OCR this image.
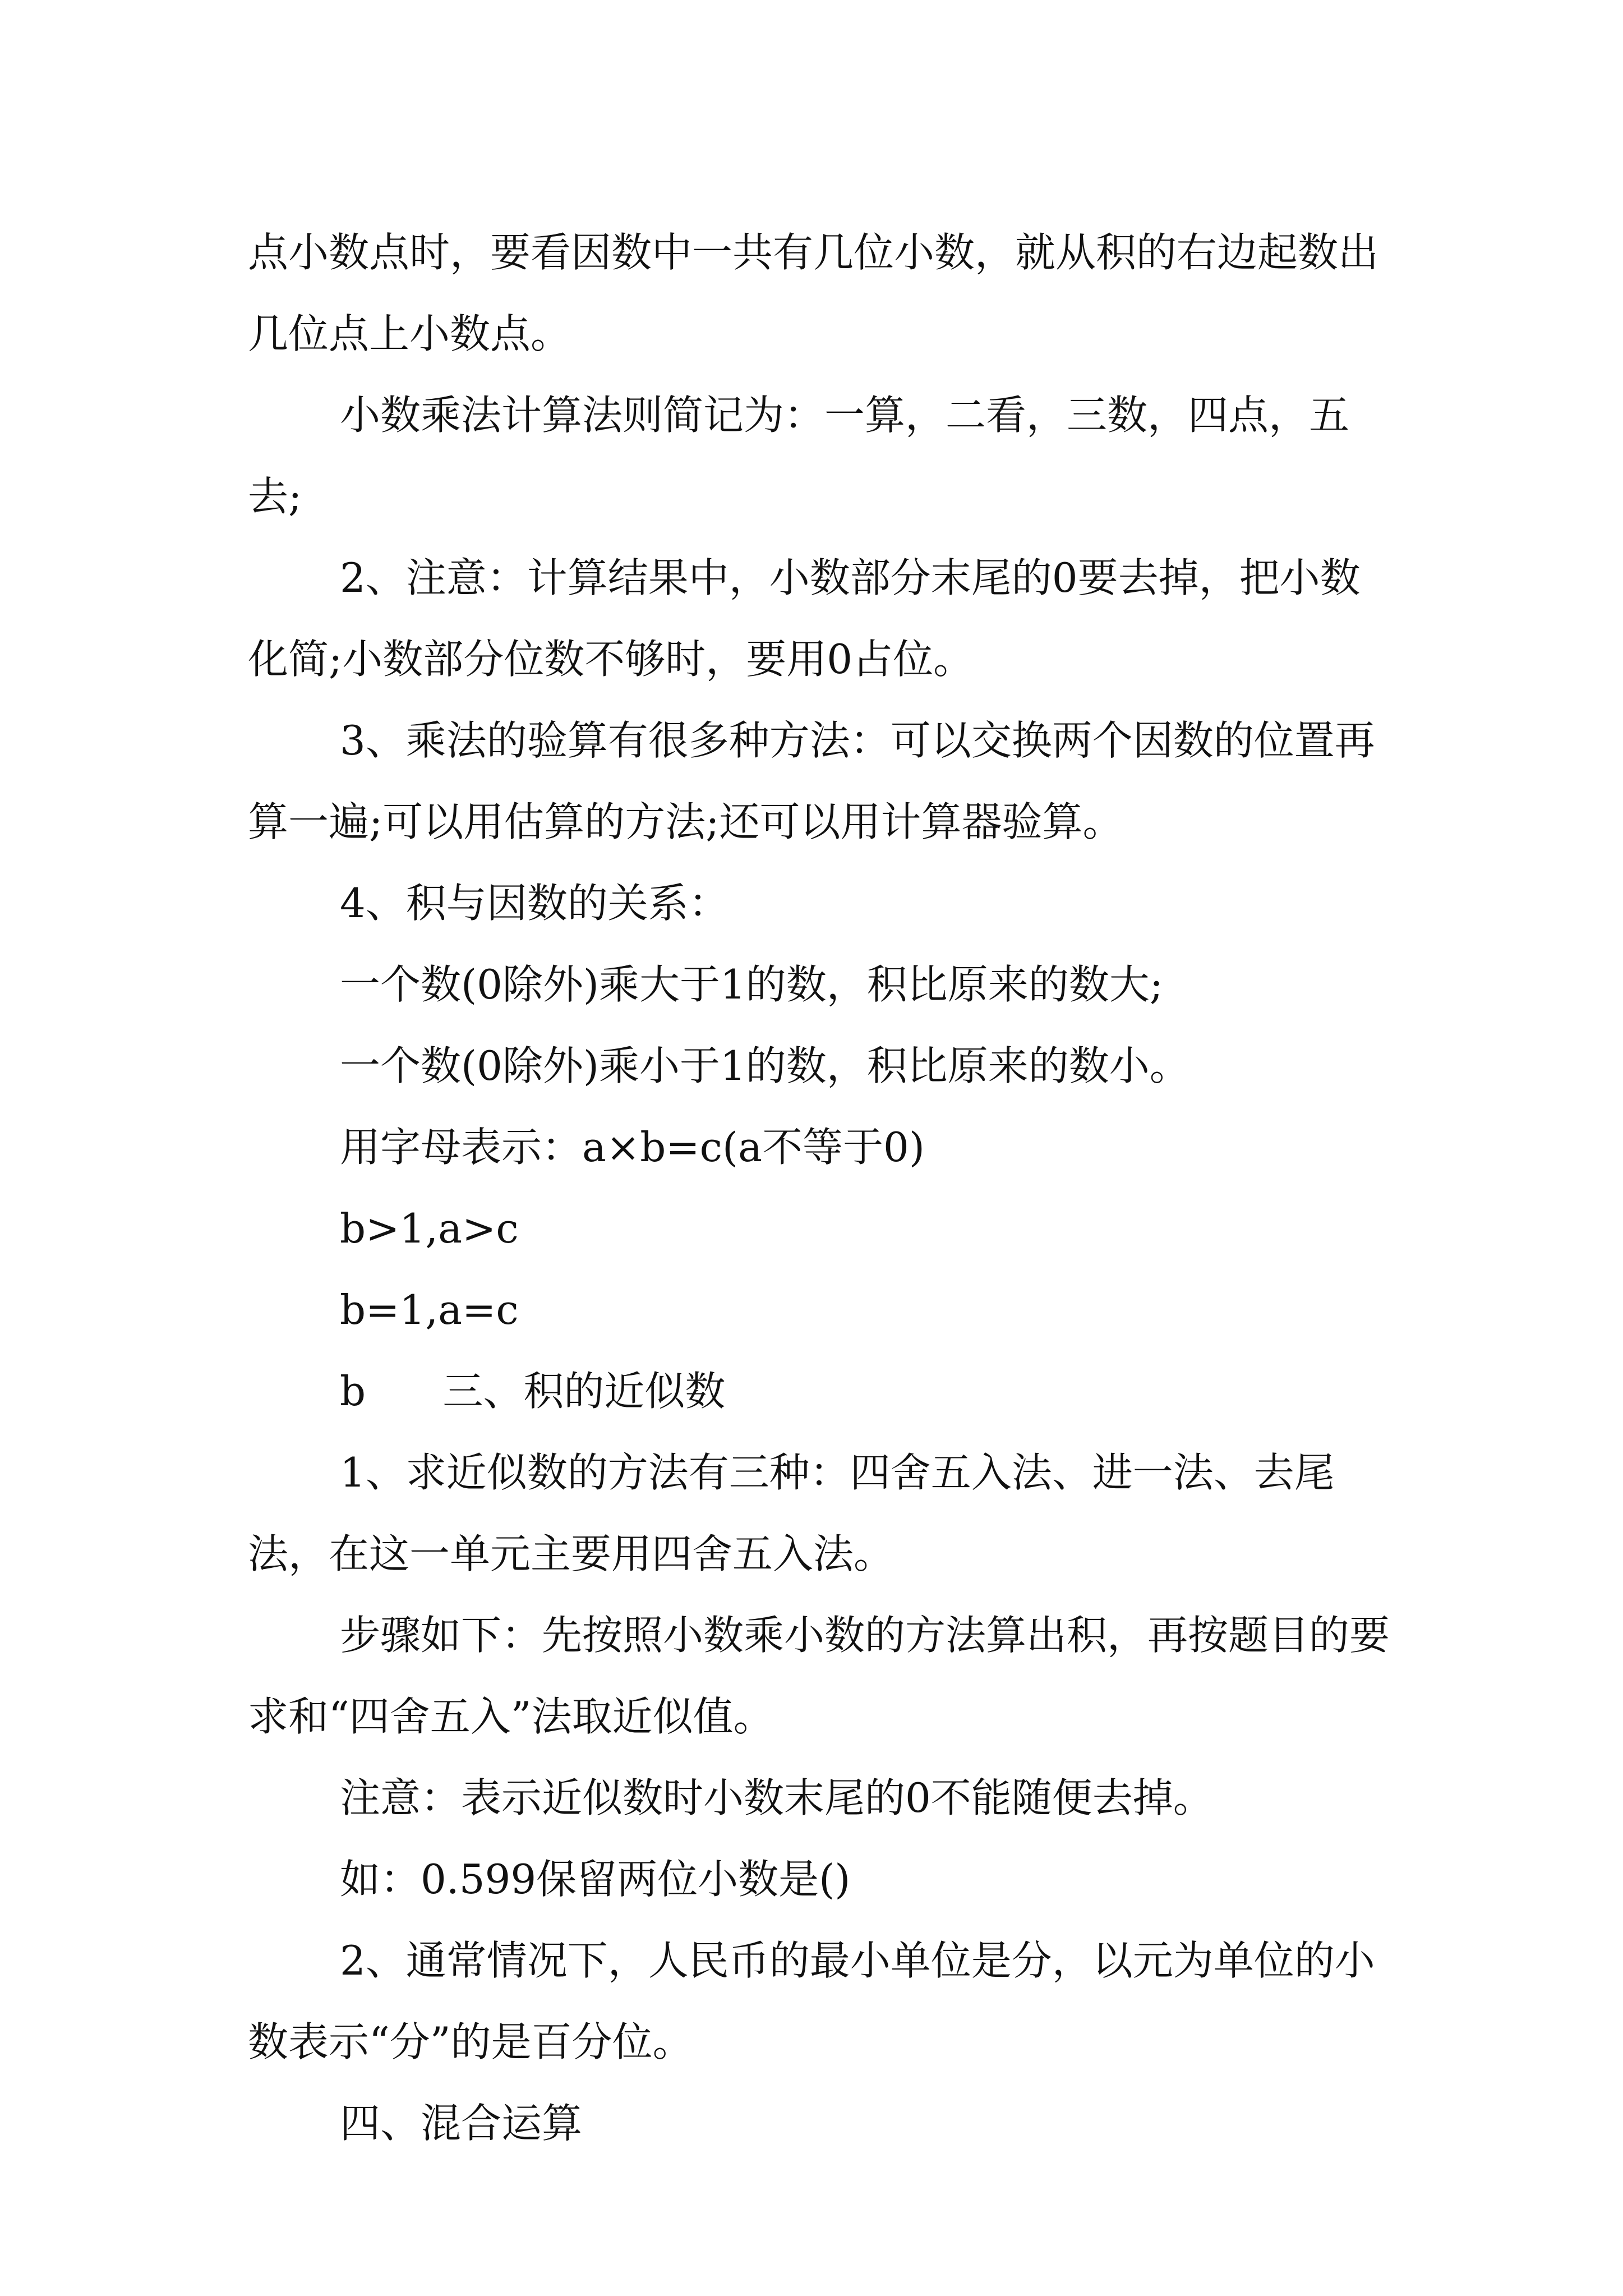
点小数点时，要看因数中一共有几位小数，就从积的右边起数出几位点上小数点。

小数乘法计算法则简记为：一算，二看，三数，四点，五去;

2、注意：计算结果中，小数部分末尾的0要去掉，把小数化简;小数部分位数不够时，要用0占位。

3、乘法的验算有很多种方法：可以交换两个因数的位置再算一遍;可以用估算的方法;还可以用计算器验算。

4、积与因数的关系：

一个数(0除外)乘大于1的数，积比原来的数大;

一个数(0除外)乘小于1的数，积比原来的数小。

用字母表示：a×b=c(a不等于0)

b>1,a>c

b=1,a=c

b      三、积的近似数

1、求近似数的方法有三种：四舍五入法、进一法、去尾法，在这一单元主要用四舍五入法。

步骤如下：先按照小数乘小数的方法算出积，再按题目的要求和“四舍五入”法取近似值。

注意：表示近似数时小数末尾的0不能随便去掉。

如：0.599保留两位小数是()

2、通常情况下，人民币的最小单位是分，以元为单位的小数表示“分”的是百分位。

四、混合运算
